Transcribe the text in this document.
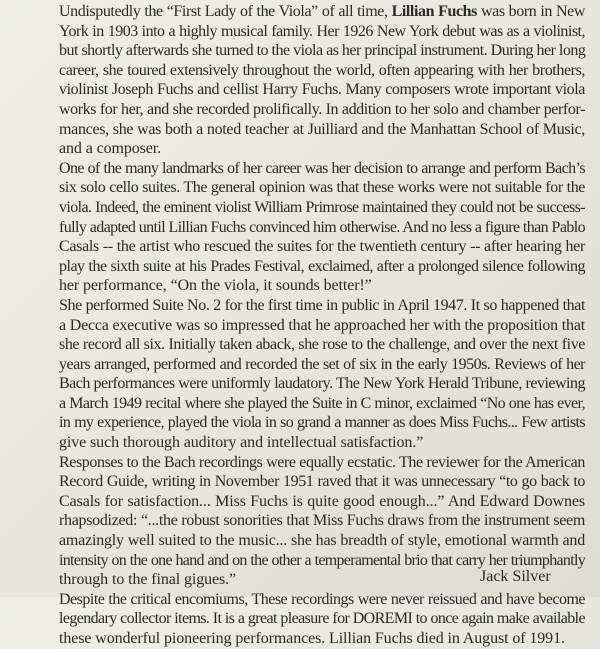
Undisputedly the “First Lady of the Viola” of all time, Lillian Fuchs was born in New
York in 1903 into a highly musical family. Her 1926 New York debut was as a violinist,
but shortly afterwards she turned to the viola as her principal instrument. During her long
career, she toured extensively throughout the world, often appearing with her brothers,
violinist Joseph Fuchs and cellist Harry Fuchs. Many composers wrote important viola
works for her, and she recorded prolifically. In addition to her solo and chamber perfor-
mances, she was both a noted teacher at Juilliard and the Manhattan School of Music,
and a composer.
One of the many landmarks of her career was her decision to arrange and perform Bach’s
six solo cello suites. The general opinion was that these works were not suitable for the
viola. Indeed, the eminent violist William Primrose maintained they could not be success-
fully adapted until Lillian Fuchs convinced him otherwise. And no less a figure than Pablo
Casals -- the artist who rescued the suites for the twentieth century -- after hearing her
play the sixth suite at his Prades Festival, exclaimed, after a prolonged silence following
her performance, “On the viola, it sounds better!”
She performed Suite No. 2 for the first time in public in April 1947. It so happened that
a Decca executive was so impressed that he approached her with the proposition that
she record all six. Initially taken aback, she rose to the challenge, and over the next five
years arranged, performed and recorded the set of six in the early 1950s. Reviews of her
Bach performances were uniformly laudatory. The New York Herald Tribune, reviewing
a March 1949 recital where she played the Suite in C minor, exclaimed “No one has ever,
in my experience, played the viola in so grand a manner as does Miss Fuchs... Few artists
give such thorough auditory and intellectual satisfaction.”
Responses to the Bach recordings were equally ecstatic. The reviewer for the American
Record Guide, writing in November 1951 raved that it was unnecessary “to go back to
Casals for satisfaction... Miss Fuchs is quite good enough...” And Edward Downes
rhapsodized: “...the robust sonorities that Miss Fuchs draws from the instrument seem
amazingly well suited to the music... she has breadth of style, emotional warmth and
intensity on the one hand and on the other a temperamental brio that carry her triumphantly
through to the final gigues.”
Despite the critical encomiums, These recordings were never reissued and have become
legendary collector items. It is a great pleasure for DOREMI to once again make available
these wonderful pioneering performances. Lillian Fuchs died in August of 1991.
Jack Silver
